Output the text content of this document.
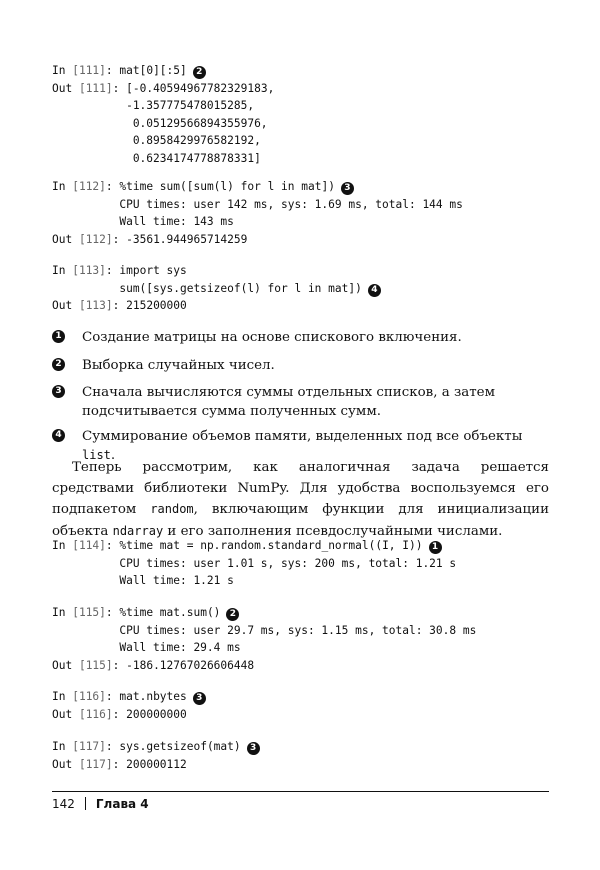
In [111]: mat[0][:5] 2
Out [111]: [-0.40594967782329183,
-1.357775478015285,
0.05129566894355976,
0.8958429976582192,
0.6234174778878331]
In [112]: %time sum([sum(l) for l in mat]) 3
CPU times: user 142 ms, sys: 1.69 ms, total: 144 ms
Wall time: 143 ms
Out [112]: -3561.944965714259
In [113]: import sys
sum([sys.getsizeof(l) for l in mat]) 4
Out [113]: 215200000
1 Создание матрицы на основе спискового включения.
2 Выборка случайных чисел.
3 Сначала вычисляются суммы отдельных списков, а затем подсчитывается сумма полученных сумм.
4 Суммирование объемов памяти, выделенных под все объекты list.
Теперь рассмотрим, как аналогичная задача решается средствами библиотеки NumPy. Для удобства воспользуемся его подпакетом random, включающим функции для инициализации объекта ndarray и его заполнения псевдослучайными числами.
In [114]: %time mat = np.random.standard_normal((I, I)) 1
CPU times: user 1.01 s, sys: 200 ms, total: 1.21 s
Wall time: 1.21 s
In [115]: %time mat.sum() 2
CPU times: user 29.7 ms, sys: 1.15 ms, total: 30.8 ms
Wall time: 29.4 ms
Out [115]: -186.12767026606448
In [116]: mat.nbytes 3
Out [116]: 200000000
In [117]: sys.getsizeof(mat) 3
Out [117]: 200000112
142 Глава 4
